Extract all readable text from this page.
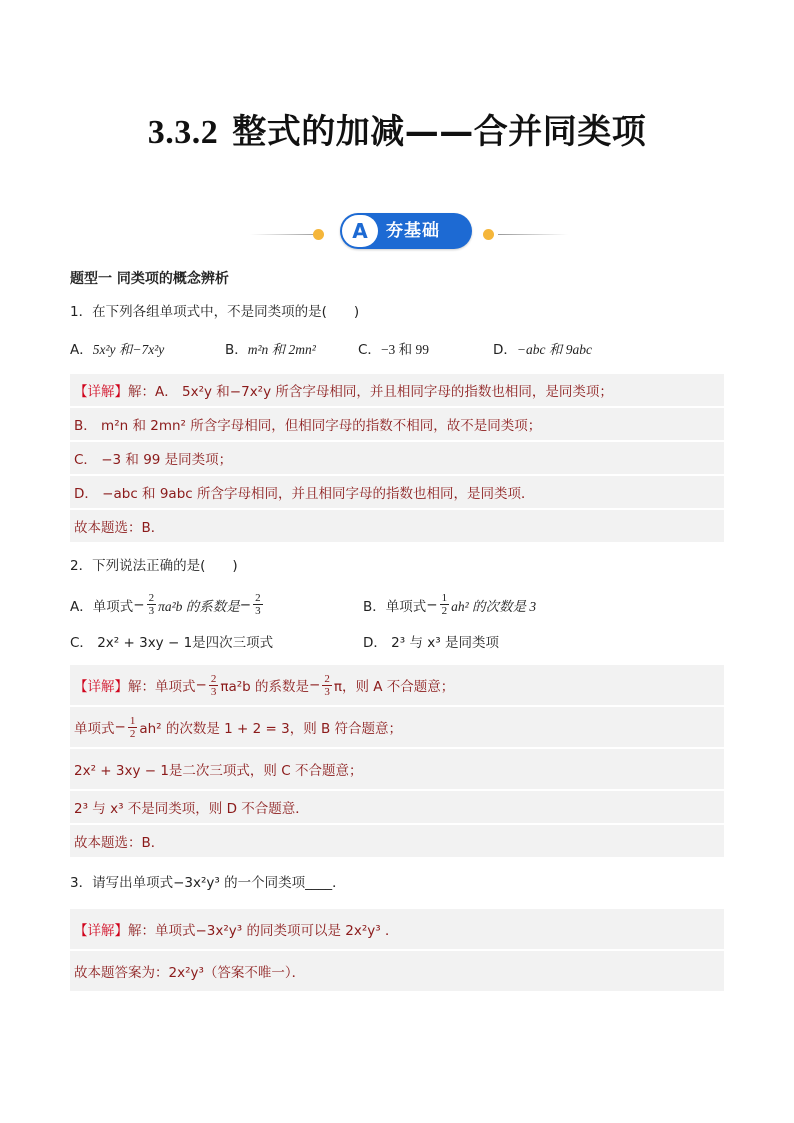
3.3.2 整式的加减——合并同类项
A	夯基础
题型一 同类项的概念辨析
1．在下列各组单项式中，不是同类项的是(　　)
A．5x²y 和−7x²y	B．m²n 和 2mn²	C．−3 和 99	D．−abc 和 9abc
【详解】 解：A． 5x²y 和−7x²y 所含字母相同，并且相同字母的指数也相同，是同类项；
B． m²n 和 2mn² 所含字母相同，但相同字母的指数不相同，故不是同类项；
C． −3 和 99 是同类项；
D． −abc 和 9abc 所含字母相同，并且相同字母的指数也相同，是同类项．
故本题选：B．
2．下列说法正确的是(　　)
A．单项式 − $\frac{2}{3} \pi a^2b$ 的系数是 − $\frac{2}{3}$	B．单项式 − $\frac{1}{2} ah^2$ 的次数是 3
C． 2x² + 3xy − 1是四次三项式	D． 2³ 与 x³ 是同类项
【详解】 解：单项式 − $\frac{2}{3} \pi a^2b$ 的系数是 − $\frac{2}{3}$ π，则 A 不合题意；
单项式 − $\frac{1}{2} ah^2$ 的次数是 1 + 2 = 3，则 B 符合题意；
2x² + 3xy − 1是二次三项式，则 C 不合题意；
2³ 与 x³ 不是同类项，则 D 不合题意．
故本题选：B．
3．请写出单项式−3x²y³ 的一个同类项____．
【详解】 解：单项式−3x²y³ 的同类项可以是 2x²y³ ．
故本题答案为：2x²y³（答案不唯一）．
